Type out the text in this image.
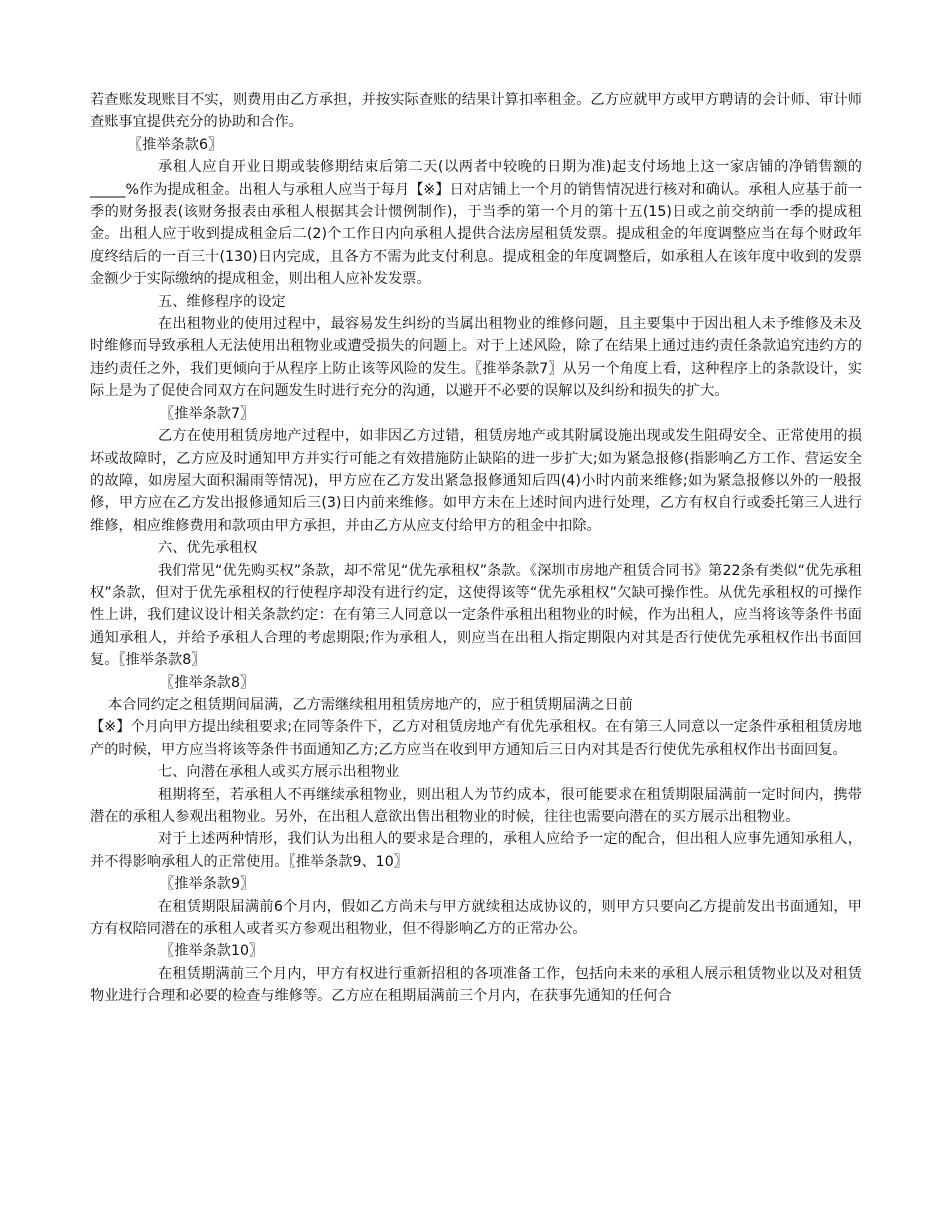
若查账发现账目不实，则费用由乙方承担，并按实际查账的结果计算扣率租金。乙方应就甲方或甲方聘请的会计师、审计师查账事宜提供充分的协助和合作。

〖推举条款6〗

承租人应自开业日期或装修期结束后第二天(以两者中较晚的日期为准)起支付场地上这一家店铺的净销售额的_____%作为提成租金。出租人与承租人应当于每月【※】日对店铺上一个月的销售情况进行核对和确认。承租人应基于前一季的财务报表(该财务报表由承租人根据其会计惯例制作)，于当季的第一个月的第十五(15)日或之前交纳前一季的提成租金。出租人应于收到提成租金后二(2)个工作日内向承租人提供合法房屋租赁发票。提成租金的年度调整应当在每个财政年度终结后的一百三十(130)日内完成，且各方不需为此支付利息。提成租金的年度调整后，如承租人在该年度中收到的发票金额少于实际缴纳的提成租金，则出租人应补发发票。

五、维修程序的设定

在出租物业的使用过程中，最容易发生纠纷的当属出租物业的维修问题，且主要集中于因出租人未予维修及未及时维修而导致承租人无法使用出租物业或遭受损失的问题上。对于上述风险，除了在结果上通过违约责任条款追究违约方的违约责任之外，我们更倾向于从程序上防止该等风险的发生。〖推举条款7〗从另一个角度上看，这种程序上的条款设计，实际上是为了促使合同双方在问题发生时进行充分的沟通，以避开不必要的误解以及纠纷和损失的扩大。

〖推举条款7〗

乙方在使用租赁房地产过程中，如非因乙方过错，租赁房地产或其附属设施出现或发生阻碍安全、正常使用的损坏或故障时，乙方应及时通知甲方并实行可能之有效措施防止缺陷的进一步扩大;如为紧急报修(指影响乙方工作、营运安全的故障，如房屋大面积漏雨等情况)，甲方应在乙方发出紧急报修通知后四(4)小时内前来维修;如为紧急报修以外的一般报修，甲方应在乙方发出报修通知后三(3)日内前来维修。如甲方未在上述时间内进行处理，乙方有权自行或委托第三人进行维修，相应维修费用和款项由甲方承担，并由乙方从应支付给甲方的租金中扣除。

六、优先承租权

我们常见“优先购买权”条款，却不常见“优先承租权”条款。《深圳市房地产租赁合同书》第22条有类似“优先承租权”条款，但对于优先承租权的行使程序却没有进行约定，这使得该等“优先承租权”欠缺可操作性。从优先承租权的可操作性上讲，我们建议设计相关条款约定：在有第三人同意以一定条件承租出租物业的时候，作为出租人，应当将该等条件书面通知承租人，并给予承租人合理的考虑期限;作为承租人，则应当在出租人指定期限内对其是否行使优先承租权作出书面回复。〖推举条款8〗

〖推举条款8〗

本合同约定之租赁期间届满，乙方需继续租用租赁房地产的，应于租赁期届满之日前

【※】个月向甲方提出续租要求;在同等条件下，乙方对租赁房地产有优先承租权。在有第三人同意以一定条件承租租赁房地产的时候，甲方应当将该等条件书面通知乙方;乙方应当在收到甲方通知后三日内对其是否行使优先承租权作出书面回复。

七、向潜在承租人或买方展示出租物业

租期将至，若承租人不再继续承租物业，则出租人为节约成本，很可能要求在租赁期限届满前一定时间内，携带潜在的承租人参观出租物业。另外，在出租人意欲出售出租物业的时候，往往也需要向潜在的买方展示出租物业。

对于上述两种情形，我们认为出租人的要求是合理的，承租人应给予一定的配合，但出租人应事先通知承租人，并不得影响承租人的正常使用。〖推举条款9、10〗

〖推举条款9〗

在租赁期限届满前6个月内，假如乙方尚未与甲方就续租达成协议的，则甲方只要向乙方提前发出书面通知，甲方有权陪同潜在的承租人或者买方参观出租物业，但不得影响乙方的正常办公。

〖推举条款10〗

在租赁期满前三个月内，甲方有权进行重新招租的各项准备工作，包括向未来的承租人展示租赁物业以及对租赁物业进行合理和必要的检查与维修等。乙方应在租期届满前三个月内，在获事先通知的任何合
